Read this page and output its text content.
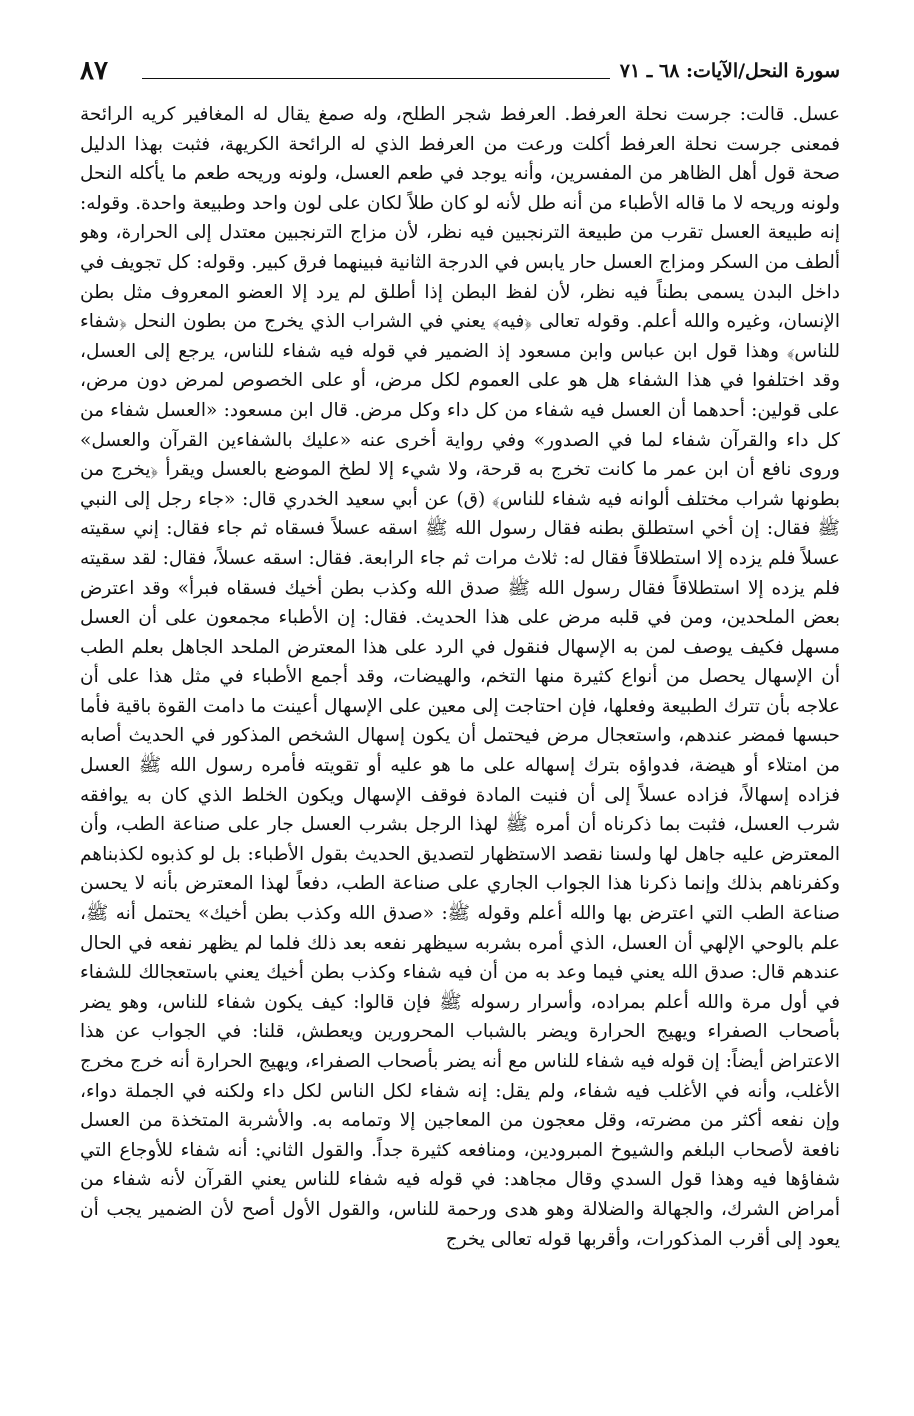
سورة النحل/الآيات: ٦٨ ـ ٧١
٨٧

عسل. قالت: جرست نحلة العرفط. العرفط شجر الطلح، وله صمغ يقال له المغافير كريه الرائحة فمعنى جرست نحلة العرفط أكلت ورعت من العرفط الذي له الرائحة الكريهة، فثبت بهذا الدليل صحة قول أهل الظاهر من المفسرين، وأنه يوجد في طعم العسل، ولونه وريحه طعم ما يأكله النحل ولونه وريحه لا ما قاله الأطباء من أنه طل لأنه لو كان طلاً لكان على لون واحد وطبيعة واحدة. وقوله: إنه طبيعة العسل تقرب من طبيعة الترنجبين فيه نظر، لأن مزاج الترنجبين معتدل إلى الحرارة، وهو ألطف من السكر ومزاج العسل حار يابس في الدرجة الثانية فبينهما فرق كبير. وقوله: كل تجويف في داخل البدن يسمى بطناً فيه نظر، لأن لفظ البطن إذا أطلق لم يرد إلا العضو المعروف مثل بطن الإنسان، وغيره والله أعلم. وقوله تعالى ﴿فيه﴾ يعني في الشراب الذي يخرج من بطون النحل ﴿شفاء للناس﴾ وهذا قول ابن عباس وابن مسعود إذ الضمير في قوله فيه شفاء للناس، يرجع إلى العسل، وقد اختلفوا في هذا الشفاء هل هو على العموم لكل مرض، أو على الخصوص لمرض دون مرض، على قولين: أحدهما أن العسل فيه شفاء من كل داء وكل مرض. قال ابن مسعود: «العسل شفاء من كل داء والقرآن شفاء لما في الصدور» وفي رواية أخرى عنه «عليك بالشفاءين القرآن والعسل» وروى نافع أن ابن عمر ما كانت تخرج به قرحة، ولا شيء إلا لطخ الموضع بالعسل ويقرأ ﴿يخرج من بطونها شراب مختلف ألوانه فيه شفاء للناس﴾ (ق) عن أبي سعيد الخدري قال: «جاء رجل إلى النبي ﷺ فقال: إن أخي استطلق بطنه فقال رسول الله ﷺ اسقه عسلاً فسقاه ثم جاء فقال: إني سقيته عسلاً فلم يزده إلا استطلاقاً فقال له: ثلاث مرات ثم جاء الرابعة. فقال: اسقه عسلاً، فقال: لقد سقيته فلم يزده إلا استطلاقاً فقال رسول الله ﷺ صدق الله وكذب بطن أخيك فسقاه فبرأ» وقد اعترض بعض الملحدين، ومن في قلبه مرض على هذا الحديث. فقال: إن الأطباء مجمعون على أن العسل مسهل فكيف يوصف لمن به الإسهال فنقول في الرد على هذا المعترض الملحد الجاهل بعلم الطب أن الإسهال يحصل من أنواع كثيرة منها التخم، والهيضات، وقد أجمع الأطباء في مثل هذا على أن علاجه بأن تترك الطبيعة وفعلها، فإن احتاجت إلى معين على الإسهال أعينت ما دامت القوة باقية فأما حبسها فمضر عندهم، واستعجال مرض فيحتمل أن يكون إسهال الشخص المذكور في الحديث أصابه من امتلاء أو هيضة، فدواؤه بترك إسهاله على ما هو عليه أو تقويته فأمره رسول الله ﷺ العسل فزاده إسهالاً، فزاده عسلاً إلى أن فنيت المادة فوقف الإسهال ويكون الخلط الذي كان به يوافقه شرب العسل، فثبت بما ذكرناه أن أمره ﷺ لهذا الرجل بشرب العسل جار على صناعة الطب، وأن المعترض عليه جاهل لها ولسنا نقصد الاستظهار لتصديق الحديث بقول الأطباء: بل لو كذبوه لكذبناهم وكفرناهم بذلك وإنما ذكرنا هذا الجواب الجاري على صناعة الطب، دفعاً لهذا المعترض بأنه لا يحسن صناعة الطب التي اعترض بها والله أعلم وقوله ﷺ: «صدق الله وكذب بطن أخيك» يحتمل أنه ﷺ، علم بالوحي الإلهي أن العسل، الذي أمره بشربه سيظهر نفعه بعد ذلك فلما لم يظهر نفعه في الحال عندهم قال: صدق الله يعني فيما وعد به من أن فيه شفاء وكذب بطن أخيك يعني باستعجالك للشفاء في أول مرة والله أعلم بمراده، وأسرار رسوله ﷺ فإن قالوا: كيف يكون شفاء للناس، وهو يضر بأصحاب الصفراء ويهيج الحرارة ويضر بالشباب المحرورين ويعطش، قلنا: في الجواب عن هذا الاعتراض أيضاً: إن قوله فيه شفاء للناس مع أنه يضر بأصحاب الصفراء، ويهيج الحرارة أنه خرج مخرج الأغلب، وأنه في الأغلب فيه شفاء، ولم يقل: إنه شفاء لكل الناس لكل داء ولكنه في الجملة دواء، وإن نفعه أكثر من مضرته، وقل معجون من المعاجين إلا وتمامه به. والأشربة المتخذة من العسل نافعة لأصحاب البلغم والشيوخ المبرودين، ومنافعه كثيرة جداً. والقول الثاني: أنه شفاء للأوجاع التي شفاؤها فيه وهذا قول السدي وقال مجاهد: في قوله فيه شفاء للناس يعني القرآن لأنه شفاء من أمراض الشرك، والجهالة والضلالة وهو هدى ورحمة للناس، والقول الأول أصح لأن الضمير يجب أن يعود إلى أقرب المذكورات، وأقربها قوله تعالى يخرج
